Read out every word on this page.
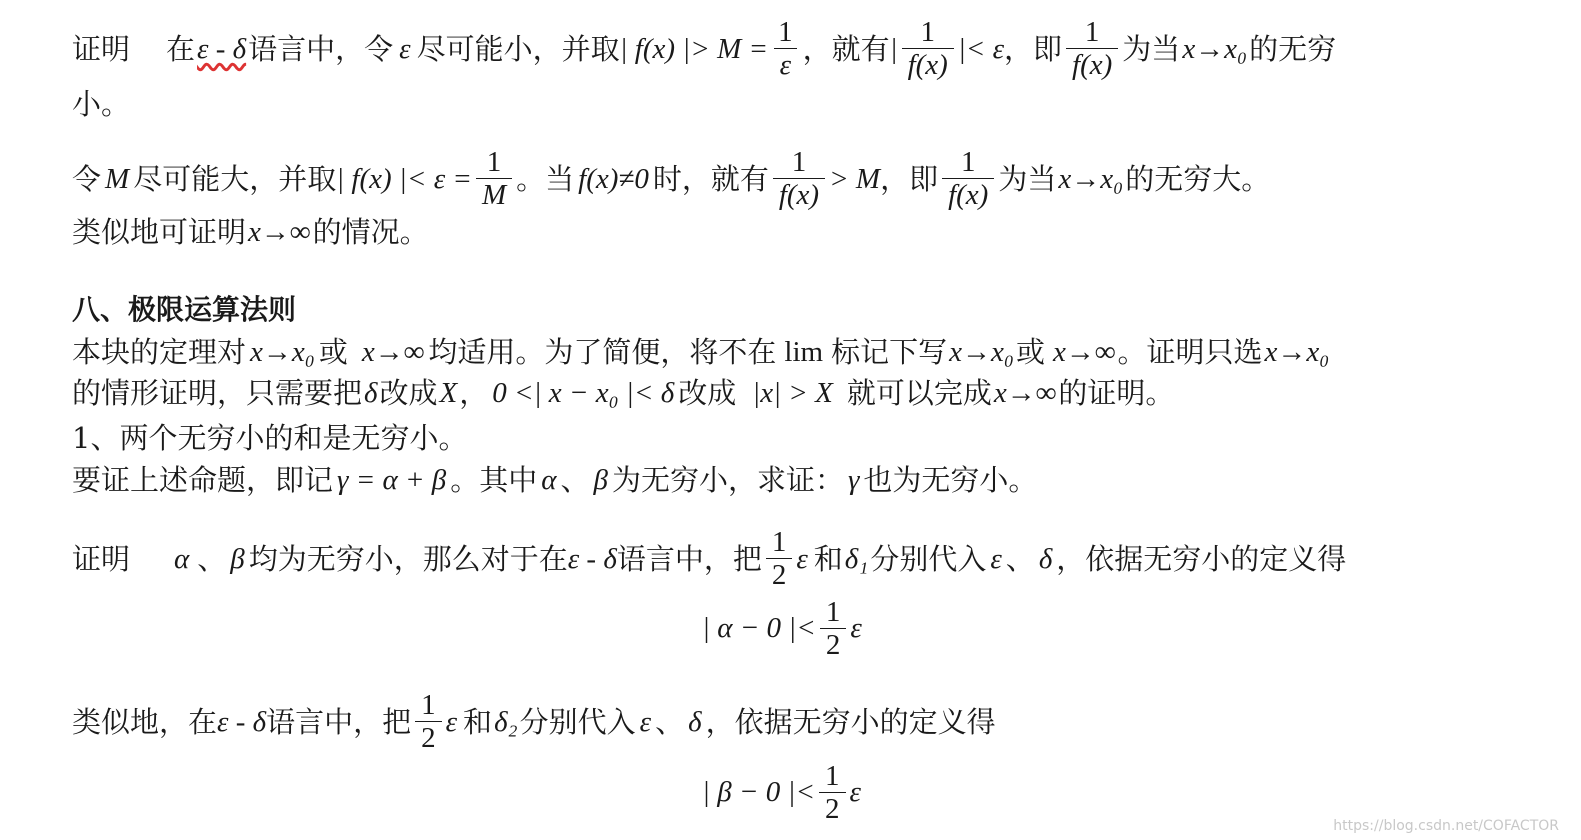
证明 在 ε - δ 语言中，令 ε 尽可能小，并取 | f(x) |> $M = \frac{1}{\varepsilon}$ ，就有 | $\frac{1}{f(x)}$ |< ε ，即 $\frac{1}{f(x)}$ 为当 x→x₀ 的无穷
小。
令 M 尽可能大，并取 | f(x) |< $\varepsilon = \frac{1}{M}$ 。当 f(x)≠0 时，就有 $\frac{1}{f(x)} > M$ ，即 $\frac{1}{f(x)}$ 为当 x→x₀ 的无穷大。
类似地可证明 x→∞ 的情况。
八、极限运算法则
本块的定理对 x→x₀ 或 x→∞ 均适用。为了简便，将不在 lim 标记下写 x→x₀ 或 x→∞ 。证明只选 x→x₀
的情形证明，只需要把 δ 改成 X ， 0 <| x − x₀ |< δ 改成 |x| > X 就可以完成 x→∞ 的证明。
1、两个无穷小的和是无穷小。
要证上述命题，即记 γ = α + β 。其中 α 、 β 为无穷小，求证： γ 也为无穷小。
证明 α 、 β 均为无穷小，那么对于在 ε - δ 语言中，把 $\frac{1}{2}$ ε 和 δ₁ 分别代入 ε 、 δ ，依据无穷小的定义得
| α − 0 |< $\frac{1}{2}$ ε
类似地，在 ε - δ 语言中，把 $\frac{1}{2}$ ε 和 δ₂ 分别代入 ε 、 δ ，依据无穷小的定义得
| β − 0 |< $\frac{1}{2}$ ε
https://blog.csdn.net/COFACTOR
